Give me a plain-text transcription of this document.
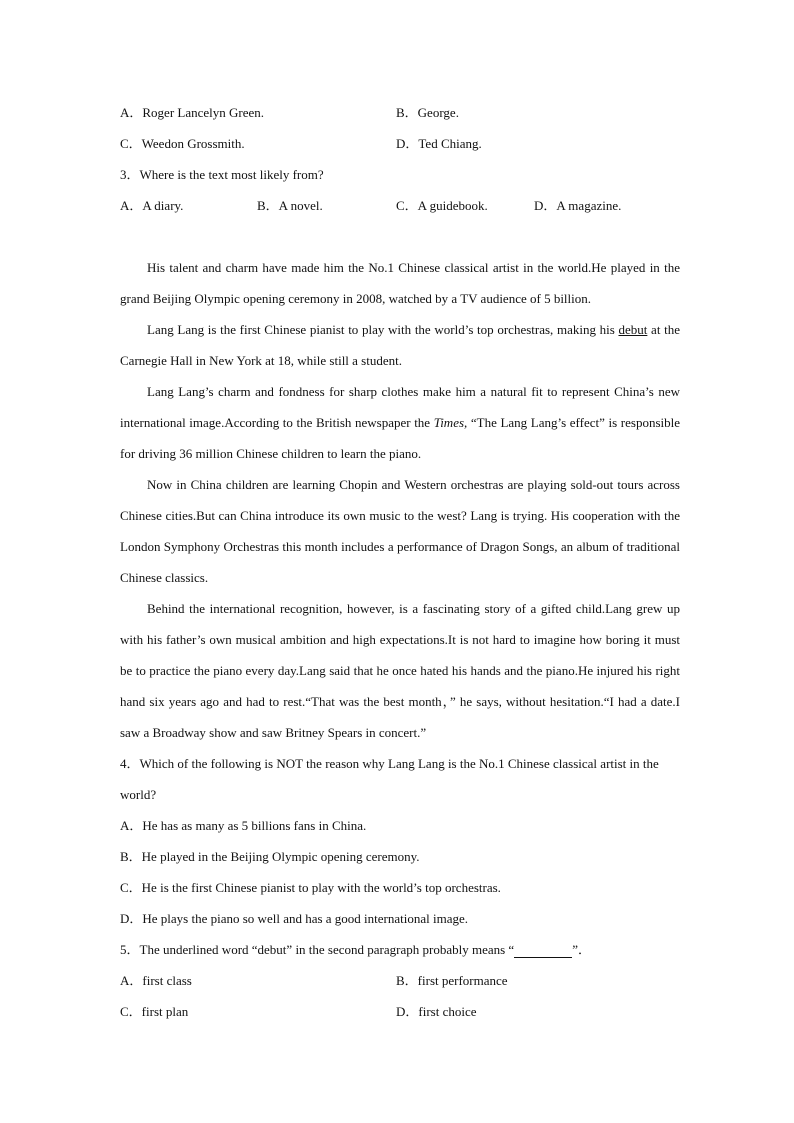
A．Roger Lancelyn Green.	B．George.
C．Weedon Grossmith.	D．Ted Chiang.

3．Where is the text most likely from?

A．A diary.	B．A novel.	C．A guidebook.	D．A magazine.

His talent and charm have made him the No.1 Chinese classical artist in the world.He played in the grand Beijing Olympic opening ceremony in 2008, watched by a TV audience of 5 billion.

Lang Lang is the first Chinese pianist to play with the world’s top orchestras, making his debut at the Carnegie Hall in New York at 18, while still a student.

Lang Lang’s charm and fondness for sharp clothes make him a natural fit to represent China’s new international image.According to the British newspaper the Times, “The Lang Lang’s effect” is responsible for driving 36 million Chinese children to learn the piano.

Now in China children are learning Chopin and Western orchestras are playing sold-out tours across Chinese cities.But can China introduce its own music to the west? Lang is trying. His cooperation with the London Symphony Orchestras this month includes a performance of Dragon Songs, an album of traditional Chinese classics.

Behind the international recognition, however, is a fascinating story of a gifted child.Lang grew up with his father’s own musical ambition and high expectations.It is not hard to imagine how boring it must be to practice the piano every day.Lang said that he once hated his hands and the piano.He injured his right hand six years ago and had to rest.“That was the best month，” he says, without hesitation.“I had a date.I saw a Broadway show and saw Britney Spears in concert.”

4．Which of the following is NOT the reason why Lang Lang is the No.1 Chinese classical artist in the world?

A．He has as many as 5 billions fans in China.

B．He played in the Beijing Olympic opening ceremony.

C．He is the first Chinese pianist to play with the world’s top orchestras.

D．He plays the piano so well and has a good international image.

5．The underlined word “debut” in the second paragraph probably means “	”．

A．first class	B．first performance
C．first plan	D．first choice
